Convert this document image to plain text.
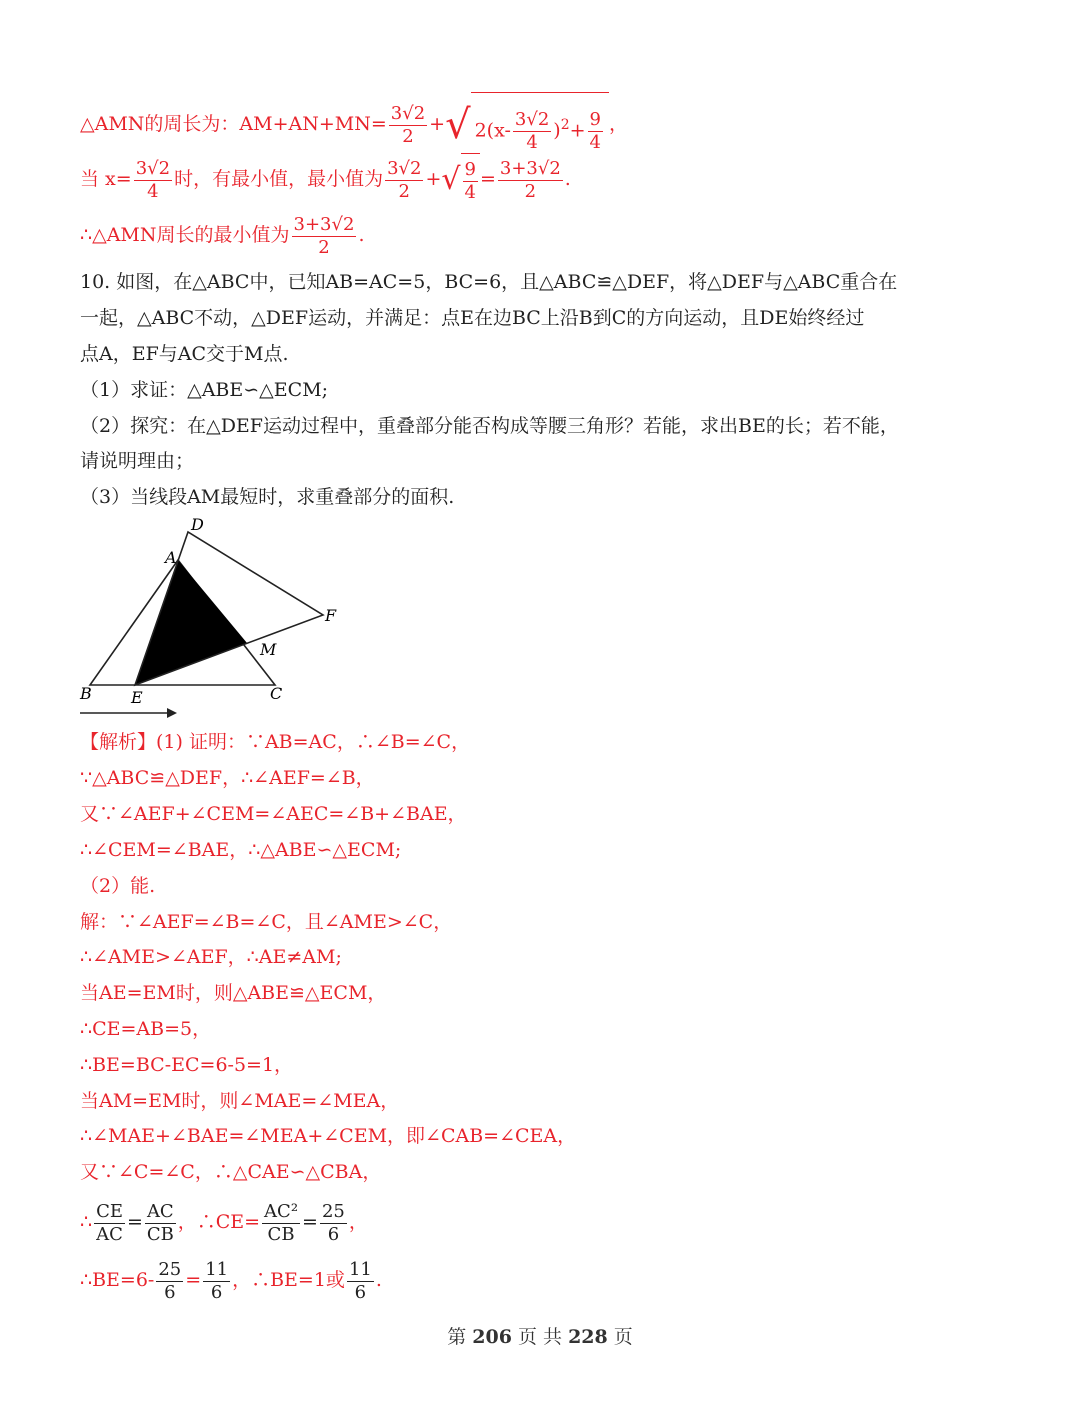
△AMN的周长为：$AM+AN+MN= \frac{3√2}{2}$ +√ $2(x- \frac{3√2}{4} )^2+ \frac{9}{4}$ ，
当 $x= \frac{3√2}{4}$ 时，有最小值，最小值为 $\frac{3√2}{2}$ +√ $\frac{9}{4} = \frac{3+3√2}{2}$ .
∴△AMN周长的最小值为 $\frac{3+3√2}{2}$ .
10. 如图，在△ABC中，已知AB=AC=5，BC=6，且△ABC≌△DEF，将△DEF与△ABC重合在
一起，△ABC不动，△DEF运动，并满足：点E在边BC上沿B到C的方向运动，且DE始终经过
点A，EF与AC交于M点.
（1）求证：△ABE∽△ECM;
（2）探究：在△DEF运动过程中，重叠部分能否构成等腰三角形？若能，求出BE的长；若不能，
请说明理由；
（3）当线段AM最短时，求重叠部分的面积.
D
A
F
M
B E	C
【解析】(1) 证明：∵AB=AC，∴∠B=∠C，
∵△ABC≌△DEF，∴∠AEF=∠B，
又∵∠AEF+∠CEM=∠AEC=∠B+∠BAE，
∴∠CEM=∠BAE，∴△ABE∽△ECM;
（2）能.
解：∵∠AEF=∠B=∠C，且∠AME>∠C，
∴∠AME>∠AEF，∴AE≠AM;
当AE=EM时，则△ABE≌△ECM，
∴CE=AB=5，
∴BE=BC-EC=6-5=1，
当AM=EM时，则∠MAE=∠MEA，
∴∠MAE+∠BAE=∠MEA+∠CEM，即∠CAB=∠CEA，
又∵∠C=∠C，∴△CAE∽△CBA，
∴ $\frac{CE}{AC} = \frac{AC}{CB}$ ，∴CE= $\frac{\text{AC²}}{CB} = \frac{25}{6}$ ，
∴BE=6- $\frac{25}{6} = \frac{11}{6}$ ，∴BE=1或 $\frac{11}{6}$ .
第 206 页 共 228 页
